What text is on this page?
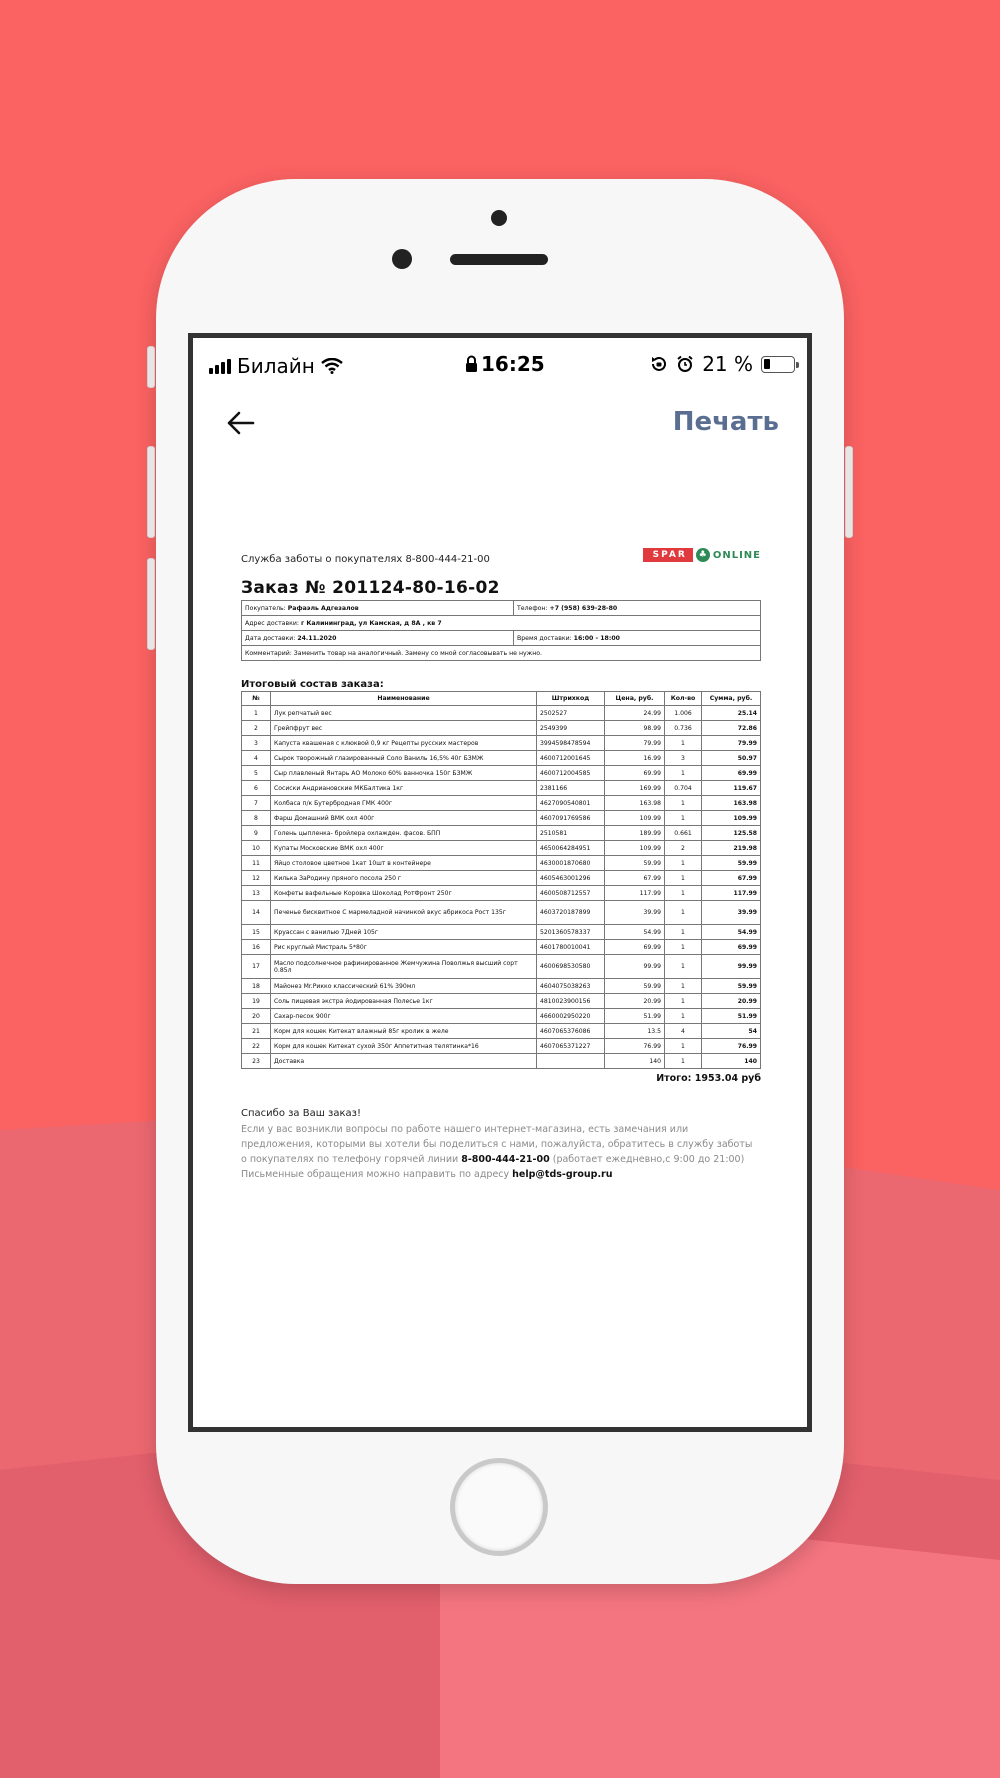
Билайн	16:25	21 %
Печать
Служба заботы о покупателях 8-800-444-21-00	SPAR	♣ ONLINE
Заказ № 201124-80-16-02
Покупатель: Рафаэль Адгезалов	Телефон: +7 (958) 639-28-80
Адрес доставки: г Калининград, ул Камская, д 8А , кв 7	
Дата доставки: 24.11.2020	Время доставки: 16:00 - 18:00
Комментарий: Заменить товар на аналогичный. Замену со мной согласовывать не нужно.	
Итоговый состав заказа:
№	Наименование	Штрихкод	Цена, руб.	Кол-во	Сумма, руб.
1	Лук репчатый вес	2502527	24.99	1.006	25.14
2	Грейпфрут вес	2549399	98.99	0.736	72.86
3	Капуста квашеная с клюквой 0,9 кг Рецепты русских мастеров	3994598478594	79.99	1	79.99
4	Сырок творожный глазированный Соло Ваниль 16,5% 40г БЗМЖ	4600712001645	16.99	3	50.97
5	Сыр плавленый Янтарь АО Молоко 60% ванночка 150г БЗМЖ	4600712004585	69.99	1	69.99
6	Сосиски Андриановские МКБалтика 1кг	2381166	169.99	0.704	119.67
7	Колбаса п/к Бутербродная ГМК 400г	4627090540801	163.98	1	163.98
8	Фарш Домашний ВМК охл 400г	4607091769586	109.99	1	109.99
9	Голень цыпленка- бройлера охлажден. фасов. БПП	2510581	189.99	0.661	125.58
10	Купаты Московские ВМК охл 400г	4650064284951	109.99	2	219.98
11	Яйцо столовое цветное 1кат 10шт в контейнере	4630001870680	59.99	1	59.99
12	Килька ЗаРодину пряного посола 250 г	4605463001296	67.99	1	67.99
13	Конфеты вафельные Коровка Шоколад РотФронт 250г	4600508712557	117.99	1	117.99
14	Печенье бисквитное С мармеладной начинкой вкус абрикоса Рост 135г	4603720187899	39.99	1	39.99
15	Круассан с ванилью 7Дней 105г	5201360578337	54.99	1	54.99
16	Рис круглый Мистраль 5*80г	4601780010041	69.99	1	69.99
17	Масло подсолнечное рафинированное Жемчужина Поволжья высший сорт 0.85л	4600698530580	99.99	1	99.99
18	Майонез Mr.Рикко классический 61% 390мл	4604075038263	59.99	1	59.99
19	Соль пищевая экстра йодированная Полесье 1кг	4810023900156	20.99	1	20.99
20	Сахар-песок 900г	4660002950220	51.99	1	51.99
21	Корм для кошек Китекат влажный 85г кролик в желе	4607065376086	13.5	4	54
22	Корм для кошек Китекат сухой 350г Аппетитная телятинка*16	4607065371227	76.99	1	76.99
23	Доставка		140	1	140
Итого: 1953.04 руб
Спасибо за Ваш заказ!
Если у вас возникли вопросы по работе нашего интернет-магазина, есть замечания или предложения, которыми вы хотели бы поделиться с нами, пожалуйста, обратитесь в службу заботы о покупателях по телефону горячей линии 8-800-444-21-00 (работает ежедневно,с 9:00 до 21:00) Письменные обращения можно направить по адресу help@tds-group.ru
